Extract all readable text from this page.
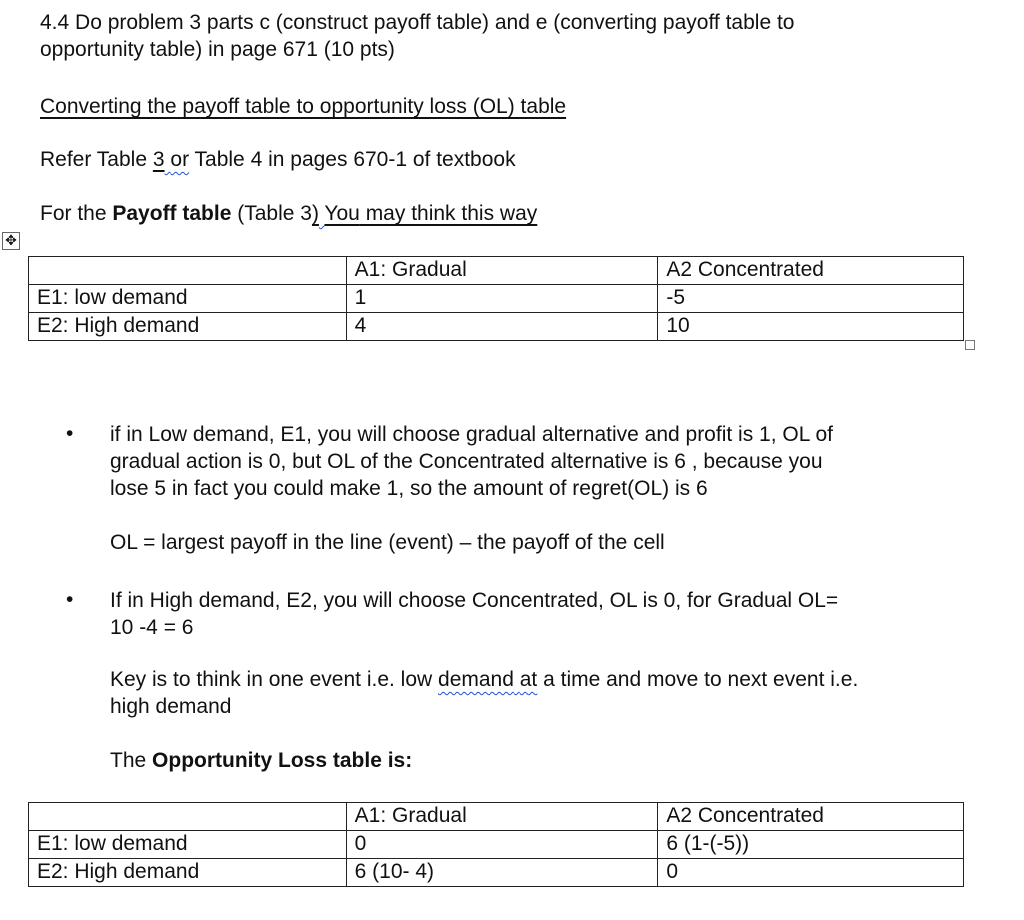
4.4 Do problem 3 parts c (construct payoff table) and e (converting payoff table to
opportunity table) in page 671 (10 pts)
Converting the payoff table to opportunity loss (OL) table
Refer Table 3 or Table 4 in pages 670-1 of textbook
For the Payoff table (Table 3) You may think this way
✥
	A1: Gradual	A2 Concentrated
E1: low demand	1	-5
E2: High demand	4	10
• if in Low demand, E1, you will choose gradual alternative and profit is 1, OL of
gradual action is 0, but OL of the Concentrated alternative is 6 , because you
lose 5 in fact you could make 1, so the amount of regret(OL) is 6
OL = largest payoff in the line (event) – the payoff of the cell
• If in High demand, E2, you will choose Concentrated, OL is 0, for Gradual OL=
10 -4 = 6
Key is to think in one event i.e. low demand at a time and move to next event i.e.
high demand
The Opportunity Loss table is:
	A1: Gradual	A2 Concentrated
E1: low demand	0	6 (1-(-5))
E2: High demand	6 (10- 4)	0
